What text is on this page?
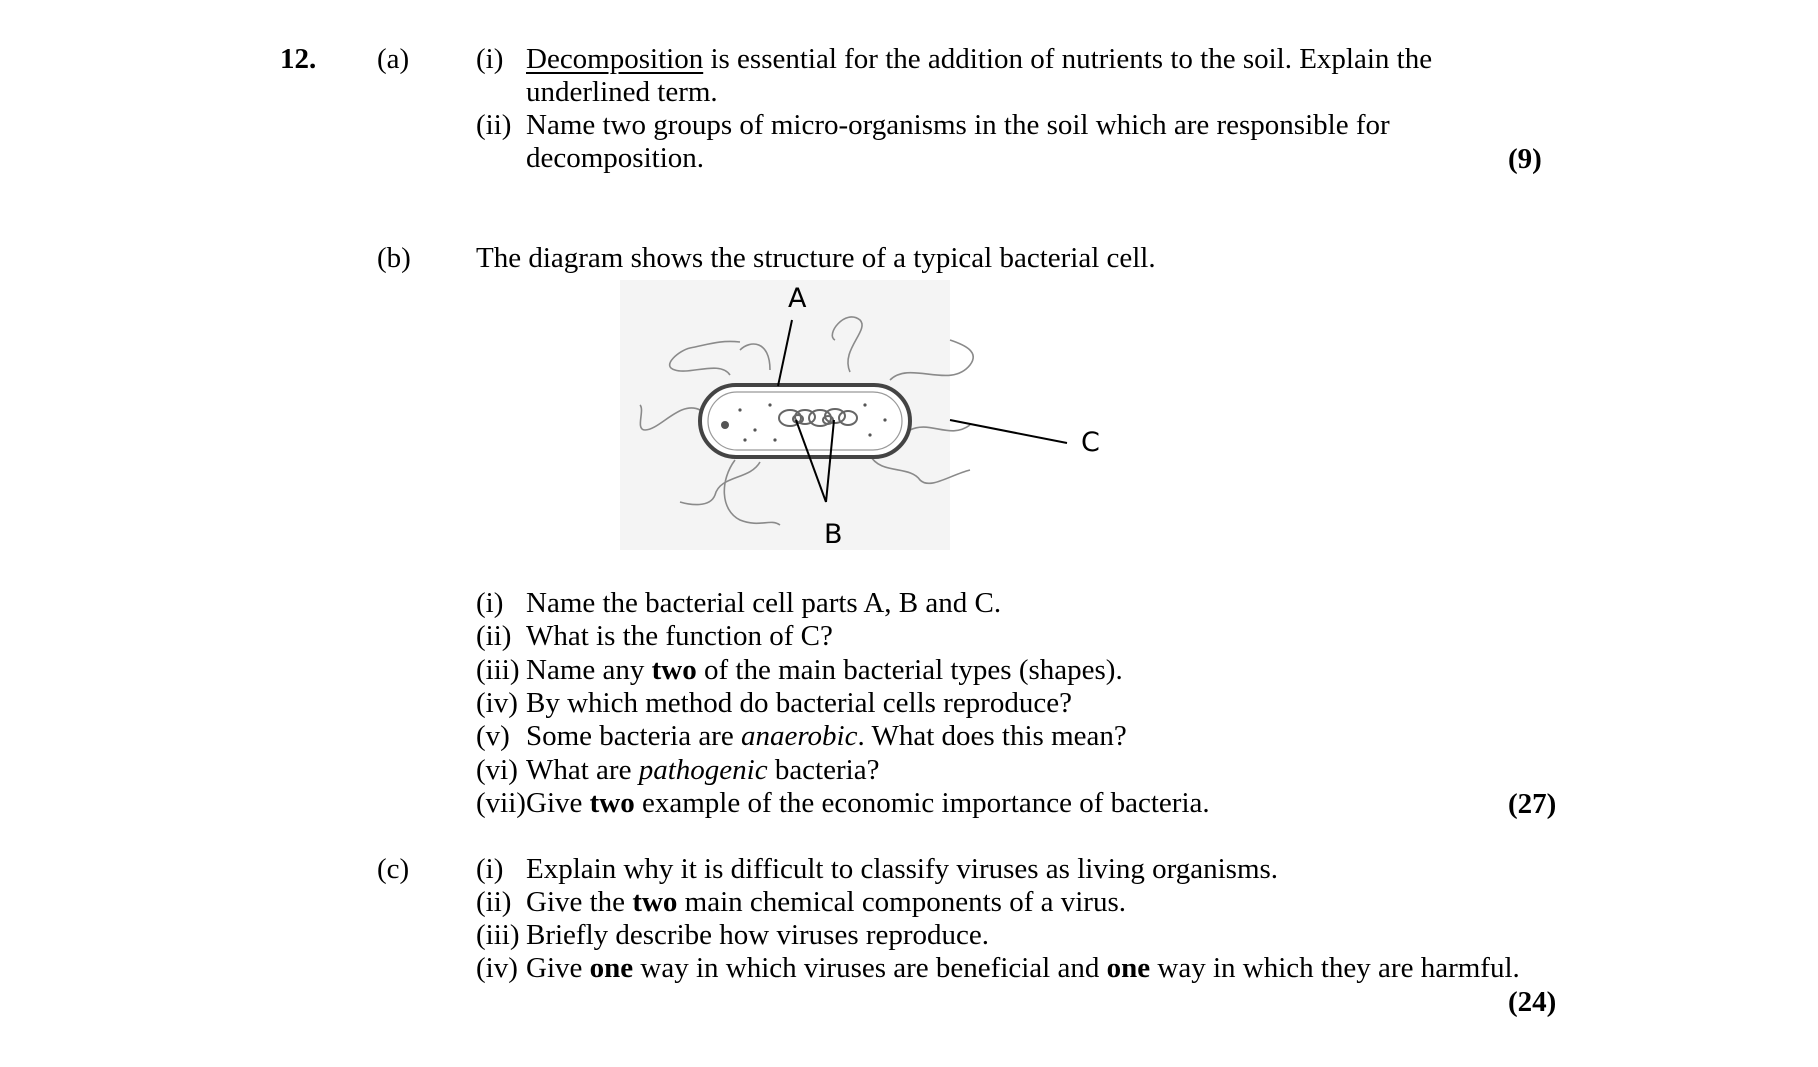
12. (a) (i) Decomposition is essential for the addition of nutrients to the soil. Explain the
underlined term.
(ii) Name two groups of micro-organisms in the soil which are responsible for
decomposition.	(9)
(b) The diagram shows the structure of a typical bacterial cell.
A
B
C
(i) Name the bacterial cell parts A, B and C.
(ii) What is the function of C?
(iii) Name any two of the main bacterial types (shapes).
(iv) By which method do bacterial cells reproduce?
(v) Some bacteria are anaerobic. What does this mean?
(vi) What are pathogenic bacteria?
(vii) Give two example of the economic importance of bacteria.	(27)
(c) (i) Explain why it is difficult to classify viruses as living organisms.
(ii) Give the two main chemical components of a virus.
(iii) Briefly describe how viruses reproduce.
(iv) Give one way in which viruses are beneficial and one way in which they are harmful.
(24)
